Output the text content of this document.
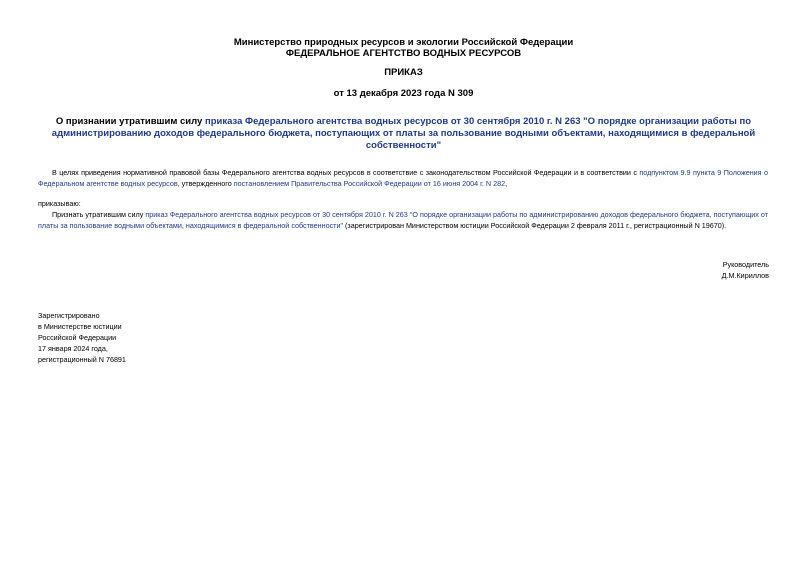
Министерство природных ресурсов и экологии Российской Федерации
ФЕДЕРАЛЬНОЕ АГЕНТСТВО ВОДНЫХ РЕСУРСОВ
ПРИКАЗ
от 13 декабря 2023 года N 309
О признании утратившим силу приказа Федерального агентства водных ресурсов от 30 сентября 2010 г. N 263 "О порядке организации работы по администрированию доходов федерального бюджета, поступающих от платы за пользование водными объектами, находящимися в федеральной собственности"
В целях приведения нормативной правовой базы Федерального агентства водных ресурсов в соответствие с законодательством Российской Федерации и в соответствии с подпунктом 9.9 пункта 9 Положения о Федеральном агентстве водных ресурсов, утвержденного постановлением Правительства Российской Федерации от 16 июня 2004 г. N 282,
приказываю:
Признать утратившим силу приказ Федерального агентства водных ресурсов от 30 сентября 2010 г. N 263 "О порядке организации работы по администрированию доходов федерального бюджета, поступающих от платы за пользование водными объектами, находящимися в федеральной собственности" (зарегистрирован Министерством юстиции Российской Федерации 2 февраля 2011 г., регистрационный N 19670).
Руководитель
Д.М.Кириллов
Зарегистрировано
в Министерстве юстиции
Российской Федерации
17 января 2024 года,
регистрационный N 76891
